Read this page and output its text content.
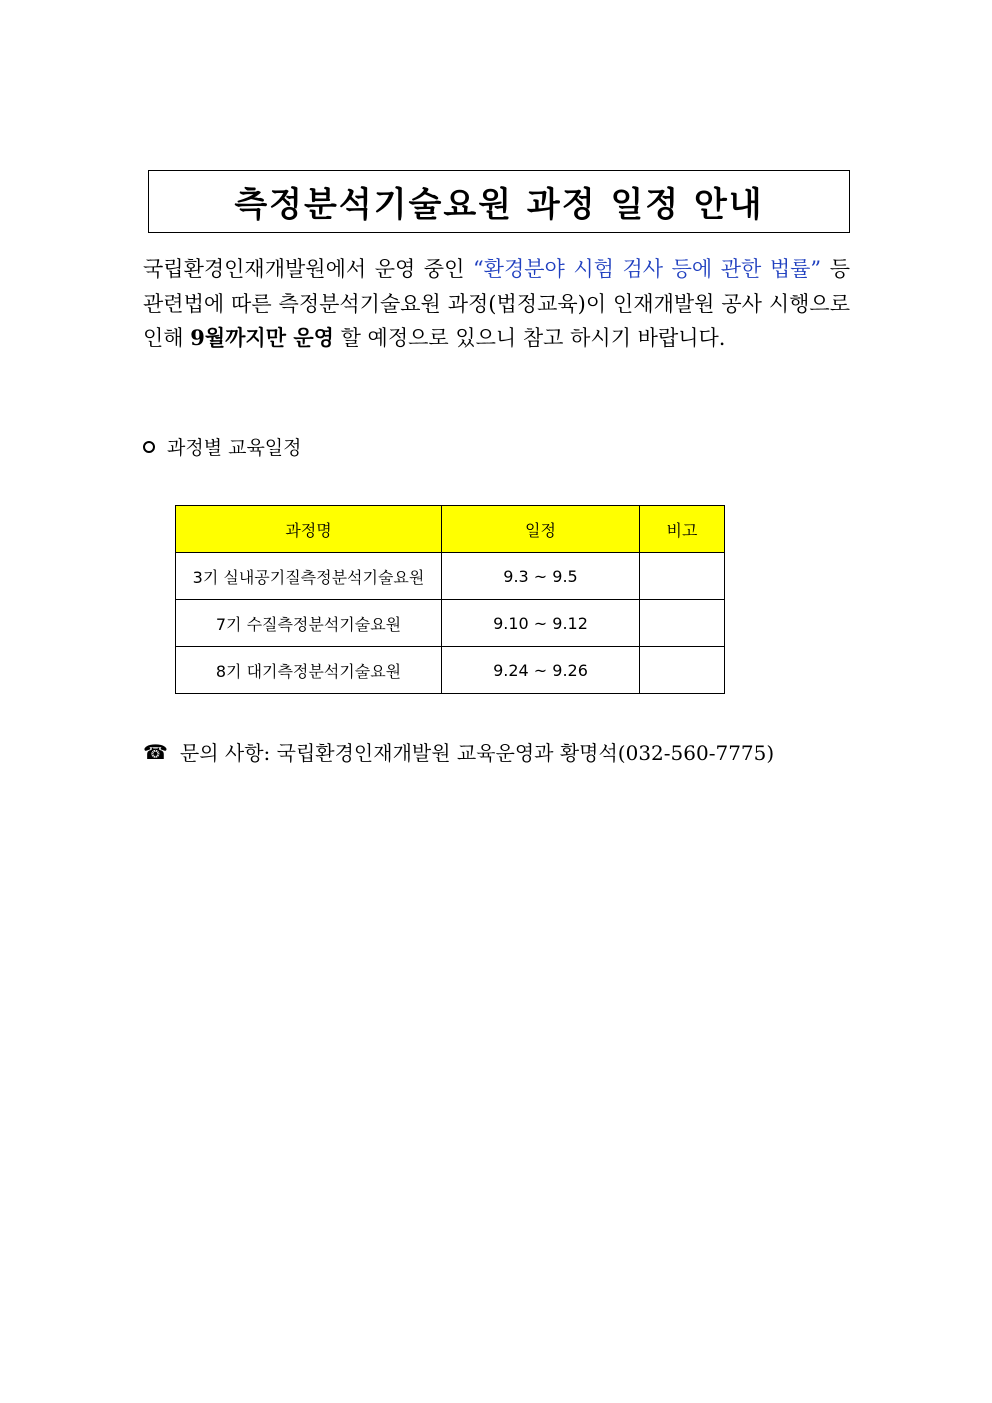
측정분석기술요원 과정 일정 안내
국립환경인재개발원에서 운영 중인 “환경분야 시험 검사 등에 관한 법률” 등 관련법에 따른 측정분석기술요원 과정(법정교육)이 인재개발원 공사 시행으로 인해 9월까지만 운영 할 예정으로 있으니 참고 하시기 바랍니다.
과정별 교육일정
과정명	일정	비고
3기 실내공기질측정분석기술요원	9.3 ~ 9.5	
7기 수질측정분석기술요원	9.10 ~ 9.12	
8기 대기측정분석기술요원	9.24 ~ 9.26	
☎ 문의 사항: 국립환경인재개발원 교육운영과 황명석(032-560-7775)
